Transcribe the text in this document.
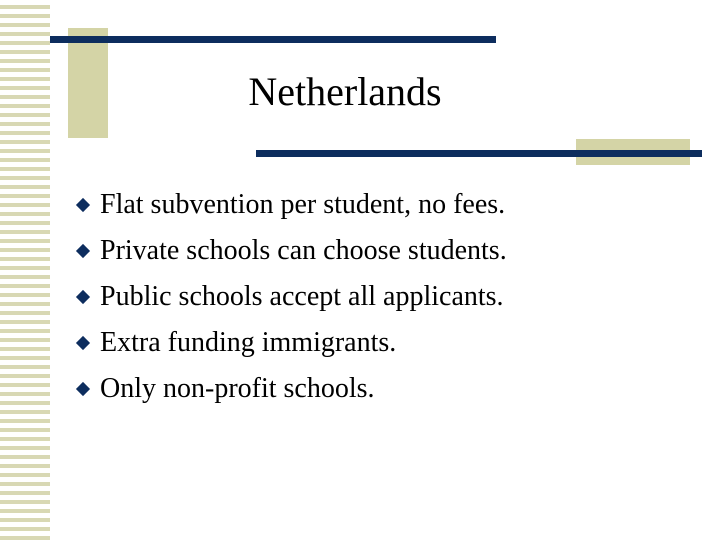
Netherlands
Flat subvention per student, no fees.
Private schools can choose students.
Public schools accept all applicants.
Extra funding immigrants.
Only non-profit schools.
